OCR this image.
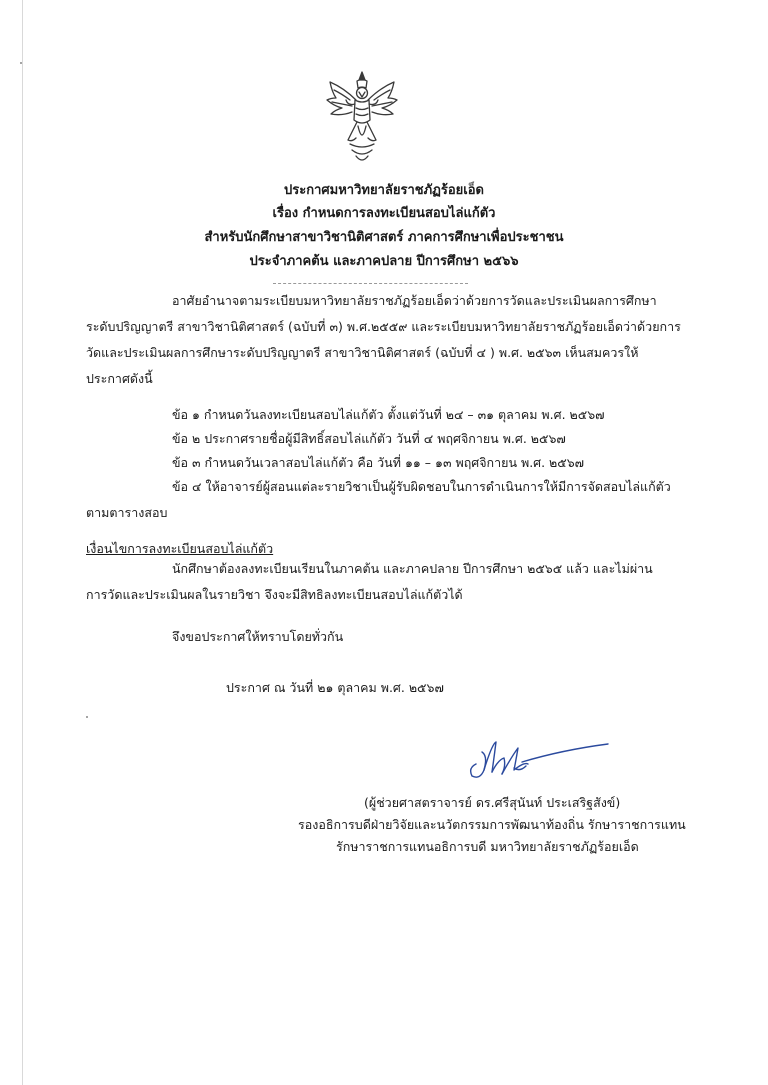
ประกาศมหาวิทยาลัยราชภัฏร้อยเอ็ด
เรื่อง กำหนดการลงทะเบียนสอบไล่แก้ตัว
สำหรับนักศึกษาสาขาวิชานิติศาสตร์ ภาคการศึกษาเพื่อประชาชน
ประจำภาคต้น และภาคปลาย ปีการศึกษา ๒๕๖๖
อาศัยอำนาจตามระเบียบมหาวิทยาลัยราชภัฏร้อยเอ็ดว่าด้วยการวัดและประเมินผลการศึกษา
ระดับปริญญาตรี สาขาวิชานิติศาสตร์ (ฉบับที่ ๓) พ.ศ.๒๕๕๙ และระเบียบมหาวิทยาลัยราชภัฏร้อยเอ็ดว่าด้วยการ
วัดและประเมินผลการศึกษาระดับปริญญาตรี สาขาวิชานิติศาสตร์ (ฉบับที่ ๔ ) พ.ศ. ๒๕๖๓ เห็นสมควรให้
ประกาศดังนี้
ข้อ ๑ กำหนดวันลงทะเบียนสอบไล่แก้ตัว ตั้งแต่วันที่ ๒๔ – ๓๑ ตุลาคม พ.ศ. ๒๕๖๗
ข้อ ๒ ประกาศรายชื่อผู้มีสิทธิ์สอบไล่แก้ตัว วันที่ ๔ พฤศจิกายน พ.ศ. ๒๕๖๗
ข้อ ๓ กำหนดวันเวลาสอบไล่แก้ตัว คือ วันที่ ๑๑ – ๑๓ พฤศจิกายน พ.ศ. ๒๕๖๗
ข้อ ๔ ให้อาจารย์ผู้สอนแต่ละรายวิชาเป็นผู้รับผิดชอบในการดำเนินการให้มีการจัดสอบไล่แก้ตัว
ตามตารางสอบ
เงื่อนไขการลงทะเบียนสอบไล่แก้ตัว
นักศึกษาต้องลงทะเบียนเรียนในภาคต้น และภาคปลาย ปีการศึกษา ๒๕๖๕ แล้ว และไม่ผ่าน
การวัดและประเมินผลในรายวิชา จึงจะมีสิทธิลงทะเบียนสอบไล่แก้ตัวได้
จึงขอประกาศให้ทราบโดยทั่วกัน
ประกาศ ณ วันที่ ๒๑ ตุลาคม พ.ศ. ๒๕๖๗
(ผู้ช่วยศาสตราจารย์ ดร.ศรีสุนันท์ ประเสริฐสังข์)
รองอธิการบดีฝ่ายวิจัยและนวัตกรรมการพัฒนาท้องถิ่น รักษาราชการแทน
รักษาราชการแทนอธิการบดี มหาวิทยาลัยราชภัฏร้อยเอ็ด
